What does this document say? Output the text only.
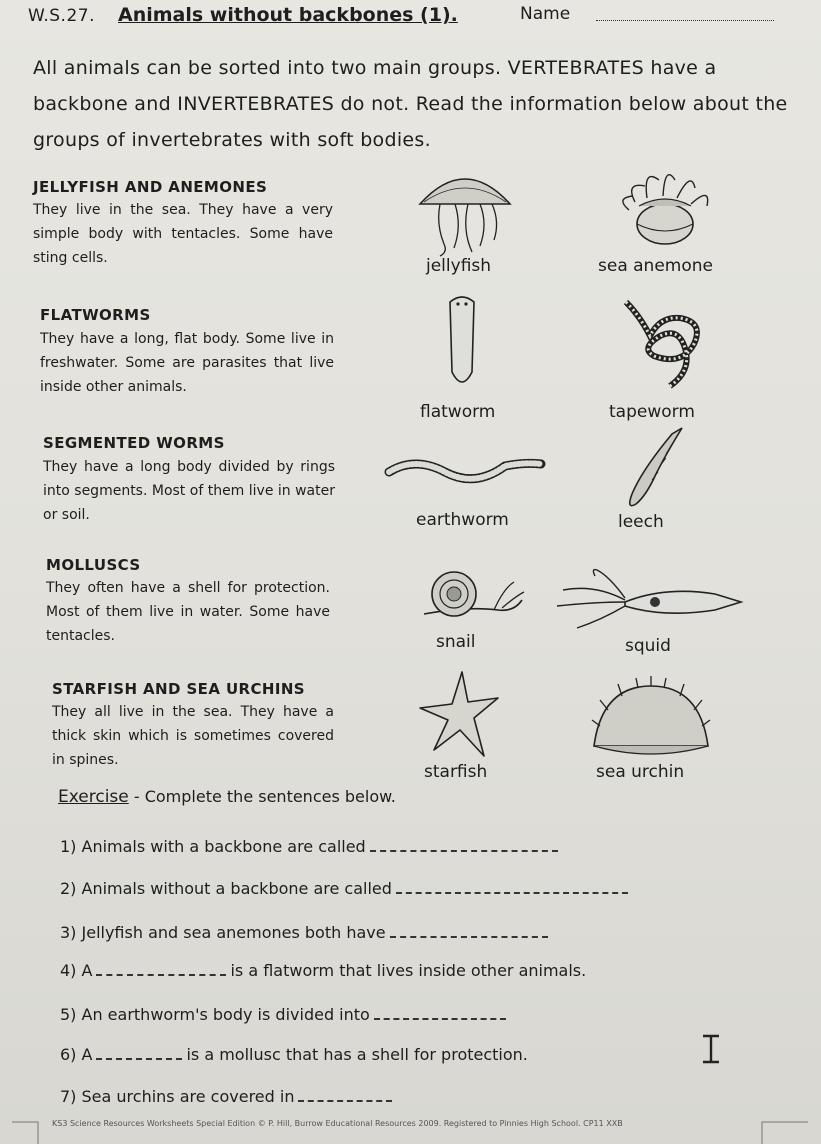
W.S.27. Animals without backbones (1).	Name
All animals can be sorted into two main groups. VERTEBRATES have a backbone and INVERTEBRATES do not. Read the information below about the groups of invertebrates with soft bodies.
JELLYFISH AND ANEMONES
They live in the sea. They have a very simple body with tentacles. Some have sting cells.	jellyfish	sea anemone
FLATWORMS
They have a long, flat body. Some live in freshwater. Some are parasites that live inside other animals.
flatworm	tapeworm
SEGMENTED WORMS
They have a long body divided by rings into segments. Most of them live in water or soil.	earthworm	leech
MOLLUSCS
They often have a shell for protection. Most of them live in water. Some have tentacles.	snail	squid
STARFISH AND SEA URCHINS
They all live in the sea. They have a thick skin which is sometimes covered in spines.
starfish	sea urchin
Exercise - Complete the sentences below.
1) Animals with a backbone are called
2) Animals without a backbone are called
3) Jellyfish and sea anemones both have
4) A	is a flatworm that lives inside other animals.
5) An earthworm's body is divided into
6) A	is a mollusc that has a shell for protection.
7) Sea urchins are covered in
KS3 Science Resources Worksheets Special Edition © P. Hill, Burrow Educational Resources 2009. Registered to Pinnies High School. CP11 XXB
